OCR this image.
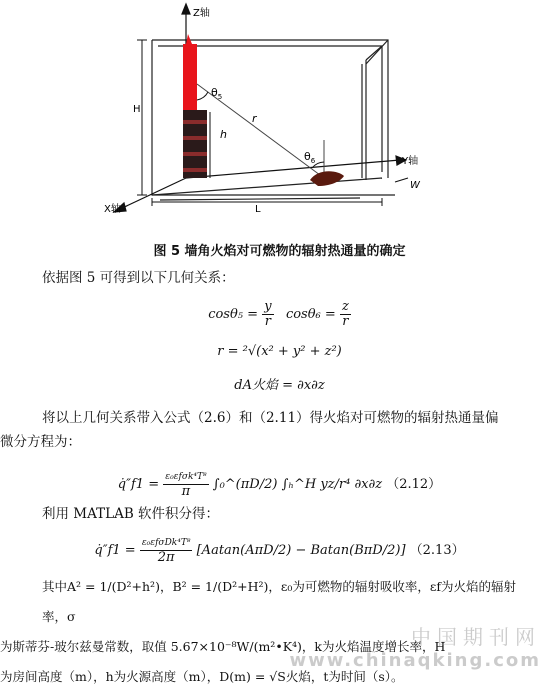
Z轴
Y轴
X轴
H
h
r
L
W
$\theta_5$
$\theta_6$
图 5 墙角火焰对可燃物的辐射热通量的确定
依据图 5 可得到以下几何关系：
$\cos\theta_5 = \frac{y}{r} \cos\theta_6 = \frac{z}{r}$
r = ²√(x² + y² + z²)
dA火焰 = ∂x∂z
将以上几何关系带入公式（2.6）和（2.11）得火焰对可燃物的辐射热通量偏
微分方程为：
q̇″f1 = $\frac{\text{ε₀εfσk⁴T⁸}}{\pi}$ ∫₀^(πD/2) ∫ₕ^H yz/r⁴ ∂x∂z （2.12）
利用 MATLAB 软件积分得：
q̇″f1 = $\frac{\text{ε₀εfσDk⁴T⁸}}{2\pi} [Aatan(A\pi D/2) - Batan(B\pi D/2)]$ （2.13）
其中A² = 1/(D²+h²)，B² = 1/(D²+H²)，ε₀为可燃物的辐射吸收率，εf为火焰的辐射率，σ
为斯蒂芬-玻尔兹曼常数，取值 5.67×10⁻⁸W/(m²•K⁴)，k为火焰温度增长率，H
为房间高度（m），h为火源高度（m），D(m) = √S火焰，t为时间（s）。
中国期刊网
www.chinaqking.com
